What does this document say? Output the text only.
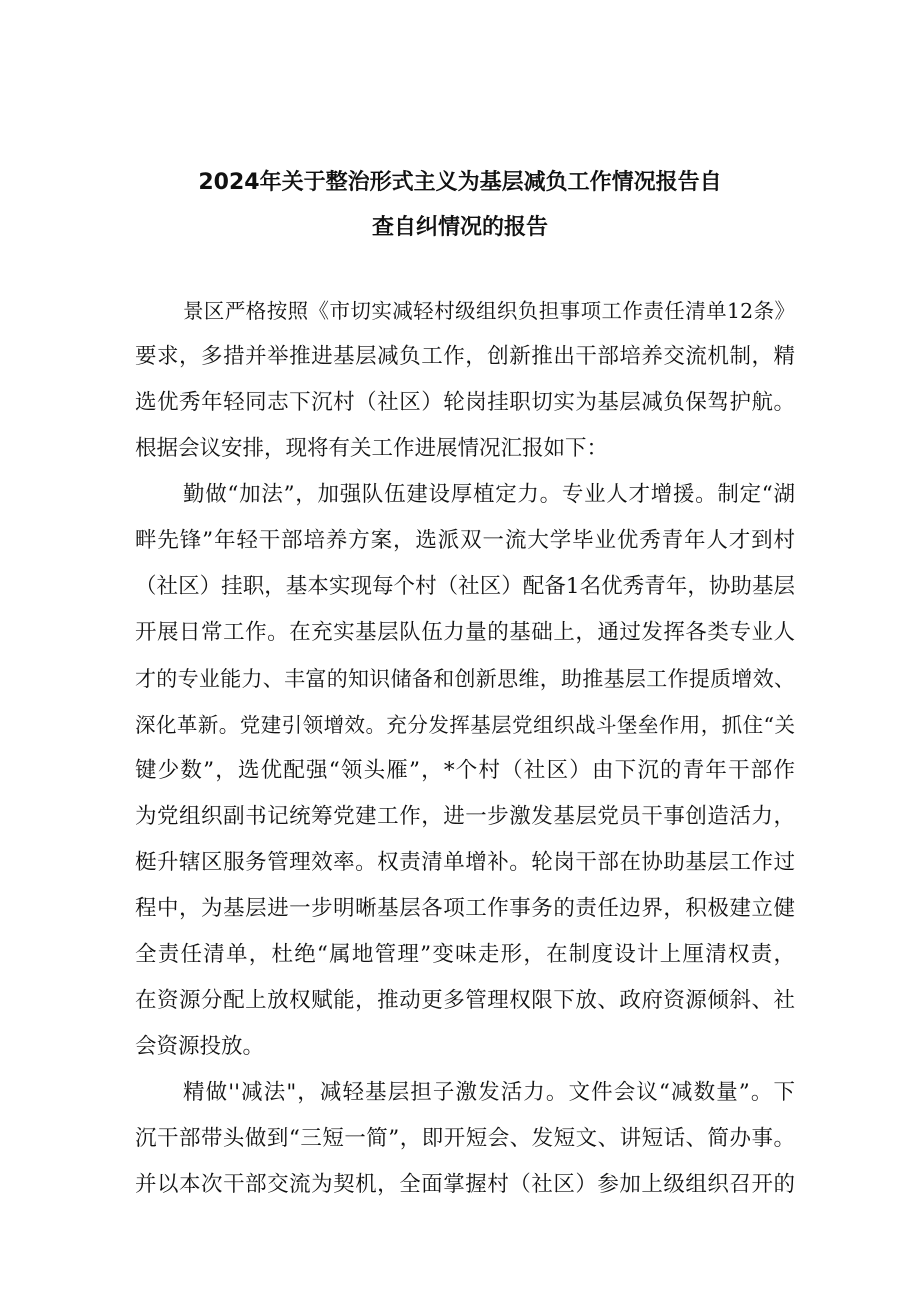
2024年关于整治形式主义为基层减负工作情况报告自
查自纠情况的报告
景区严格按照《市切实减轻村级组织负担事项工作责任清单12条》
要求，多措并举推进基层减负工作，创新推出干部培养交流机制，精
选优秀年轻同志下沉村（社区）轮岗挂职切实为基层减负保驾护航。
根据会议安排，现将有关工作进展情况汇报如下：
勤做“加法”，加强队伍建设厚植定力。专业人才增援。制定“湖
畔先锋”年轻干部培养方案，选派双一流大学毕业优秀青年人才到村
（社区）挂职，基本实现每个村（社区）配备1名优秀青年，协助基层
开展日常工作。在充实基层队伍力量的基础上，通过发挥各类专业人
才的专业能力、丰富的知识储备和创新思维，助推基层工作提质增效、
深化革新。党建引领增效。充分发挥基层党组织战斗堡垒作用，抓住“关
键少数”，选优配强“领头雁”，*个村（社区）由下沉的青年干部作
为党组织副书记统筹党建工作，进一步激发基层党员干事创造活力，
梃升辖区服务管理效率。权责清单增补。轮岗干部在协助基层工作过
程中，为基层进一步明晰基层各项工作事务的责任边界，积极建立健
全责任清单，杜绝“属地管理”变味走形，在制度设计上厘清权责，
在资源分配上放权赋能，推动更多管理权限下放、政府资源倾斜、社
会资源投放。
精做''减法"，减轻基层担子激发活力。文件会议“减数量”。下
沉干部带头做到“三短一简”，即开短会、发短文、讲短话、简办事。
并以本次干部交流为契机，全面掌握村（社区）参加上级组织召开的
